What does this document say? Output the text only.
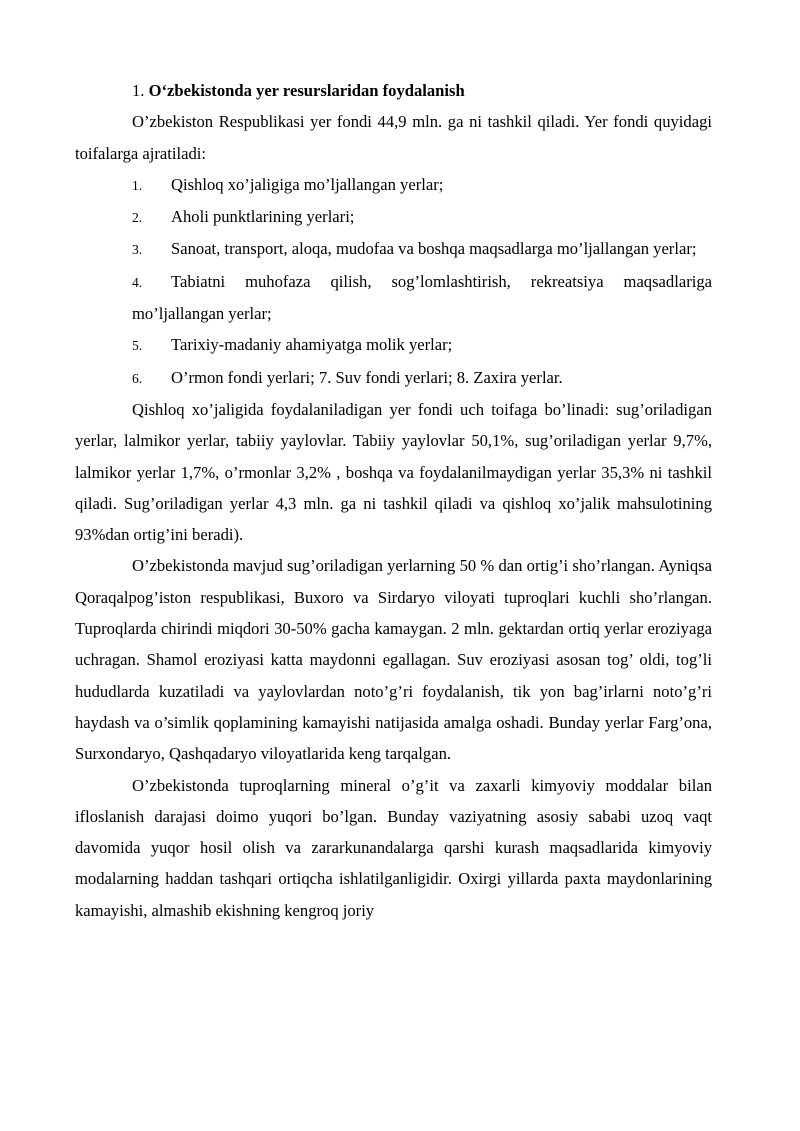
1. O‘zbekistonda yer resurslaridan foydalanish

O’zbekiston Respublikasi yer fondi 44,9 mln. ga ni tashkil qiladi. Yer fondi quyidagi toifalarga ajratiladi:

1. Qishloq xo’jaligiga mo’ljallangan yerlar;
2. Aholi punktlarining yerlari;
3. Sanoat, transport, aloqa, mudofaa va boshqa maqsadlarga mo’ljallangan yerlar;
4. Tabiatni muhofaza qilish, sog’lomlashtirish, rekreatsiya maqsadlariga mo’ljallangan yerlar;
5. Tarixiy-madaniy ahamiyatga molik yerlar;
6. O’rmon fondi yerlari; 7. Suv fondi yerlari; 8. Zaxira yerlar.

Qishloq xo’jaligida foydalaniladigan yer fondi uch toifaga bo’linadi: sug’oriladigan yerlar, lalmikor yerlar, tabiiy yaylovlar. Tabiiy yaylovlar 50,1%, sug’oriladigan yerlar 9,7%, lalmikor yerlar 1,7%, o’rmonlar 3,2% , boshqa va foydalanilmaydigan yerlar 35,3% ni tashkil qiladi. Sug’oriladigan yerlar 4,3 mln. ga ni tashkil qiladi va qishloq xo’jalik mahsulotining 93%dan ortig’ini beradi).

O’zbekistonda mavjud sug’oriladigan yerlarning 50 % dan ortig’i sho’rlangan. Ayniqsa Qoraqalpog’iston respublikasi, Buxoro va Sirdaryo viloyati tuproqlari kuchli sho’rlangan. Tuproqlarda chirindi miqdori 30-50% gacha kamaygan. 2 mln. gektardan ortiq yerlar eroziyaga uchragan. Shamol eroziyasi katta maydonni egallagan. Suv eroziyasi asosan tog’ oldi, tog’li hududlarda kuzatiladi va yaylovlardan noto’g’ri foydalanish, tik yon bag’irlarni noto’g’ri haydash va o’simlik qoplamining kamayishi natijasida amalga oshadi. Bunday yerlar Farg’ona, Surxondaryo, Qashqadaryo viloyatlarida keng tarqalgan.

O’zbekistonda tuproqlarning mineral o’g’it va zaxarli kimyoviy moddalar bilan ifloslanish darajasi doimo yuqori bo’lgan. Bunday vaziyatning asosiy sababi uzoq vaqt davomida yuqor hosil olish va zararkunandalarga qarshi kurash maqsadlarida kimyoviy modalarning haddan tashqari ortiqcha ishlatilganligidir. Oxirgi yillarda paxta maydonlarining kamayishi, almashib ekishning kengroq joriy
